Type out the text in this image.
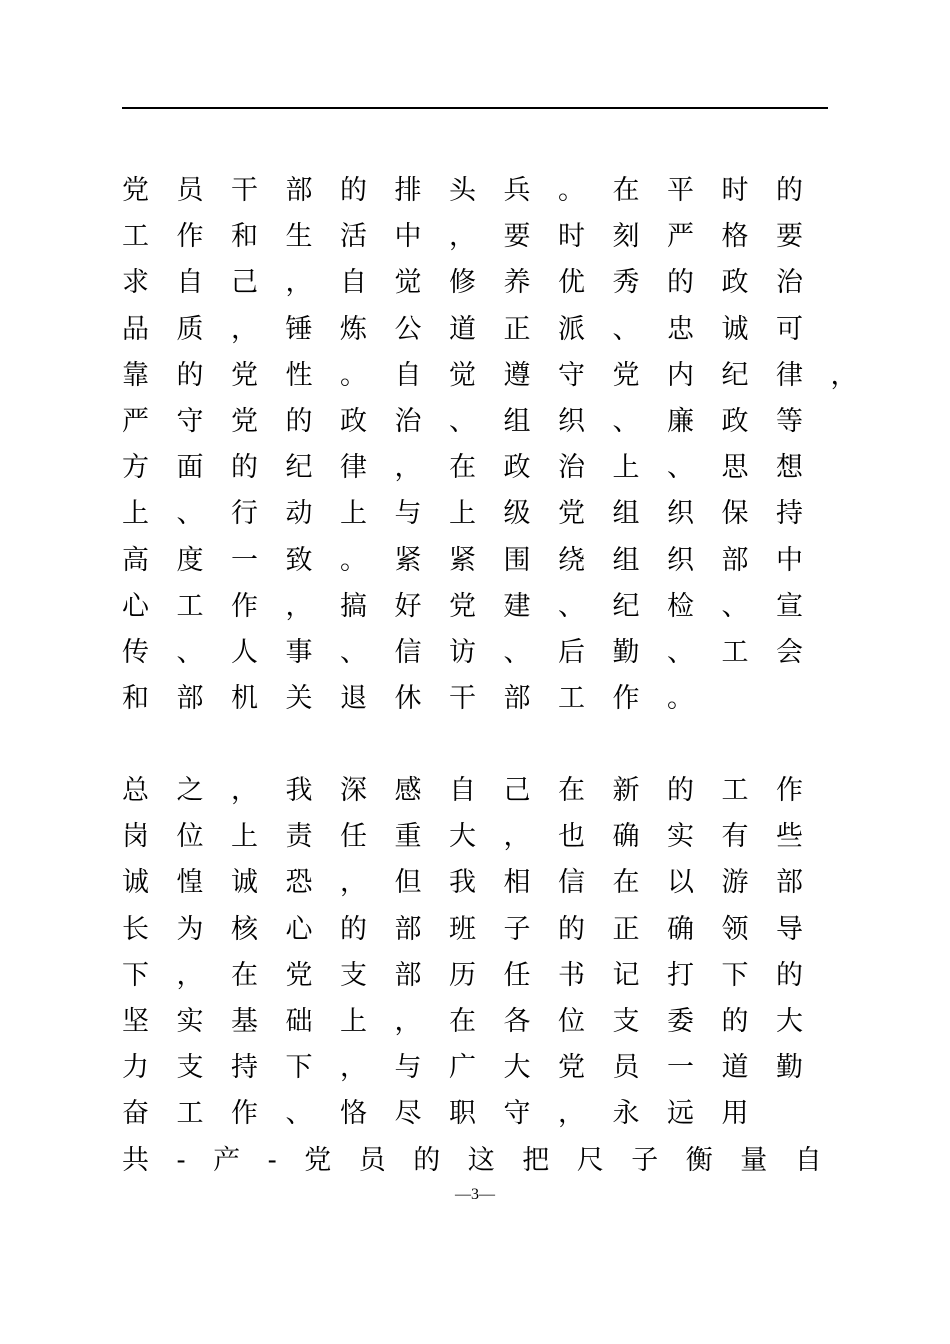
党员干部的排头兵。在平时的
工作和生活中，要时刻严格要
求自己，自觉修养优秀的政治
品质，锤炼公道正派、忠诚可
靠的党性。自觉遵守党内纪律，
严守党的政治、组织、廉政等
方面的纪律，在政治上、思想
上、行动上与上级党组织保持
高度一致。紧紧围绕组织部中
心工作，搞好党建、纪检、宣
传、人事、信访、后勤、工会
和部机关退休干部工作。
总之，我深感自己在新的工作
岗位上责任重大，也确实有些
诚惶诚恐，但我相信在以游部
长为核心的部班子的正确领导
下，在党支部历任书记打下的
坚实基础上，在各位支委的大
力支持下，与广大党员一道勤
奋工作、恪尽职守，永远用
共-产-党员的这把尺子衡量自
—3—
